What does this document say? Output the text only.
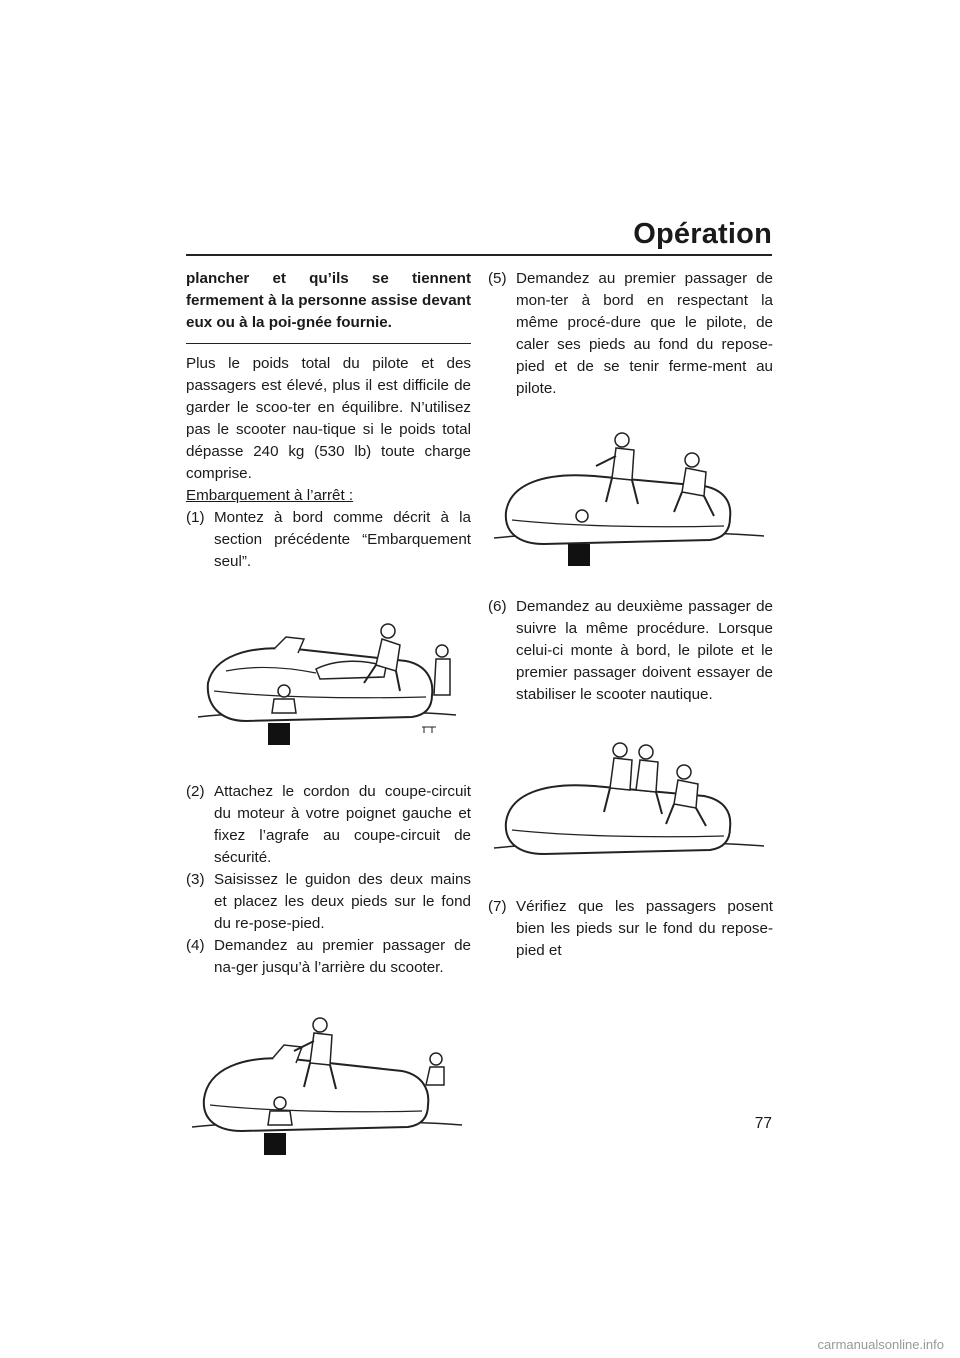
Opération

plancher et qu’ils se tiennent fermement à la personne assise devant eux ou à la poi-gnée fournie.

Plus le poids total du pilote et des passagers est élevé, plus il est difficile de garder le scoo-ter en équilibre. N’utilisez pas le scooter nau-tique si le poids total dépasse 240 kg (530 lb) toute charge comprise.

Embarquement à l’arrêt :

(1) Montez à bord comme décrit à la section précédente “Embarquement seul”.
(2) Attachez le cordon du coupe-circuit du moteur à votre poignet gauche et fixez l’agrafe au coupe-circuit de sécurité.
(3) Saisissez le guidon des deux mains et placez les deux pieds sur le fond du re-pose-pied.
(4) Demandez au premier passager de na-ger jusqu’à l’arrière du scooter.
(5) Demandez au premier passager de mon-ter à bord en respectant la même procé-dure que le pilote, de caler ses pieds au fond du repose-pied et de se tenir ferme-ment au pilote.
(6) Demandez au deuxième passager de suivre la même procédure. Lorsque celui-ci monte à bord, le pilote et le premier passager doivent essayer de stabiliser le scooter nautique.
(7) Vérifiez que les passagers posent bien les pieds sur le fond du repose-pied et
77
carmanualsonline.info
